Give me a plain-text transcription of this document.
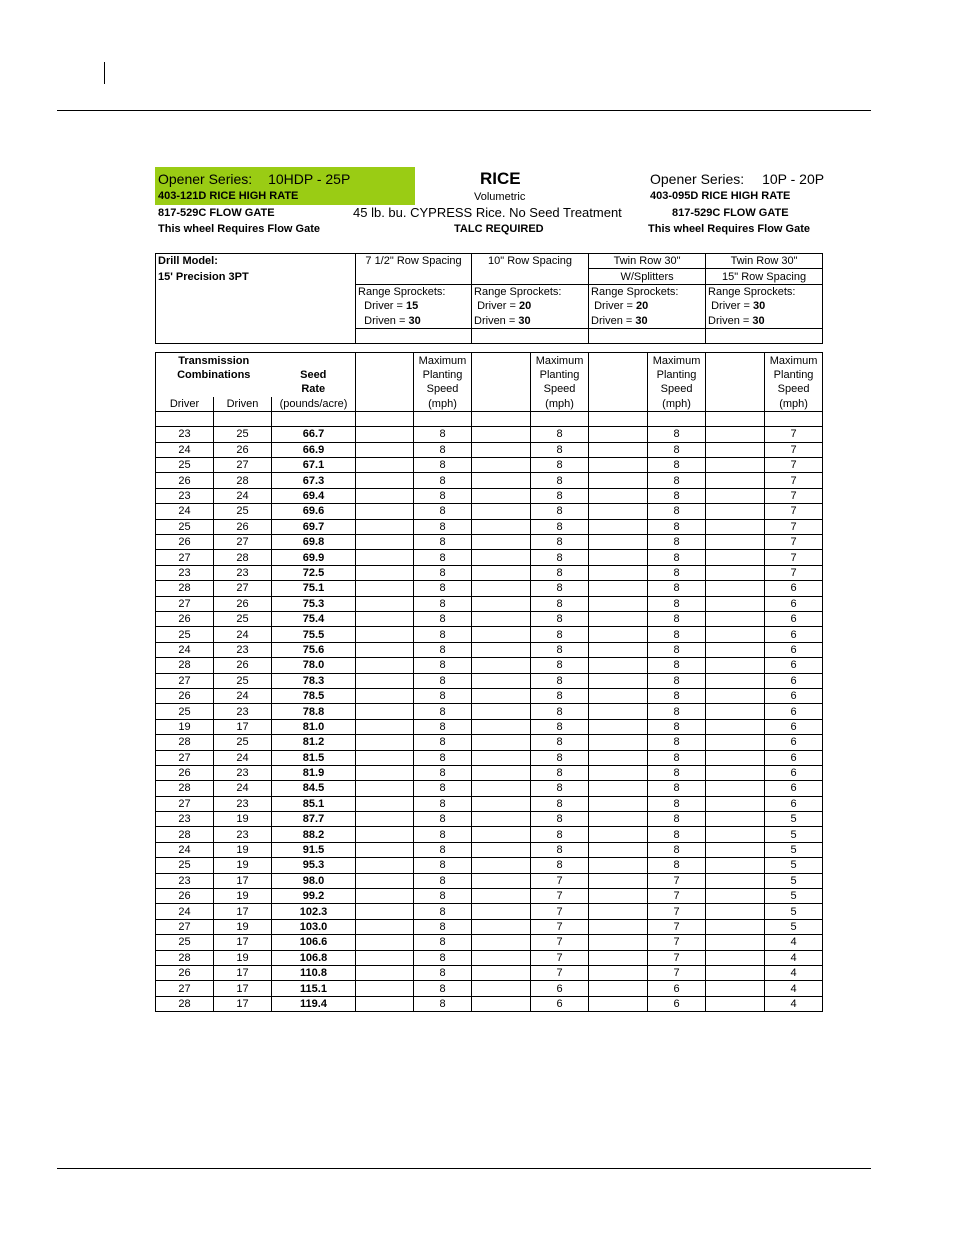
Opener Series: 10HDP - 25P
403-121D RICE HIGH RATE
817-529C FLOW GATE
This wheel Requires Flow Gate
RICE
Volumetric
45 lb. bu. CYPRESS Rice. No Seed Treatment
TALC REQUIRED
Opener Series: 10P - 20P
403-095D RICE HIGH RATE
817-529C FLOW GATE
This wheel Requires Flow Gate
Drill Model:			7 1/2" Row Spacing		10" Row Spacing		Twin Row 30"		Twin Row 30"	
15' Precision 3PT							W/Splitters		15" Row Spacing	
			Range Sprockets:		Range Sprockets:		Range Sprockets:		Range Sprockets:	
			Driver = 15		Driver = 20		Driver = 20		Driver = 30	
			Driven = 30		Driven = 30		Driven = 30		Driven = 30	

Transmission				Maximum		Maximum		Maximum		Maximum
Combinations		Seed		Planting		Planting		Planting		Planting
		Rate		Speed		Speed		Speed		Speed
Driver	Driven	(pounds/acre)		(mph)		(mph)		(mph)		(mph)

23	25	66.7		8		8		8		7
24	26	66.9		8		8		8		7
25	27	67.1		8		8		8		7
26	28	67.3		8		8		8		7
23	24	69.4		8		8		8		7
24	25	69.6		8		8		8		7
25	26	69.7		8		8		8		7
26	27	69.8		8		8		8		7
27	28	69.9		8		8		8		7
23	23	72.5		8		8		8		7
28	27	75.1		8		8		8		6
27	26	75.3		8		8		8		6
26	25	75.4		8		8		8		6
25	24	75.5		8		8		8		6
24	23	75.6		8		8		8		6
28	26	78.0		8		8		8		6
27	25	78.3		8		8		8		6
26	24	78.5		8		8		8		6
25	23	78.8		8		8		8		6
19	17	81.0		8		8		8		6
28	25	81.2		8		8		8		6
27	24	81.5		8		8		8		6
26	23	81.9		8		8		8		6
28	24	84.5		8		8		8		6
27	23	85.1		8		8		8		6
23	19	87.7		8		8		8		5
28	23	88.2		8		8		8		5
24	19	91.5		8		8		8		5
25	19	95.3		8		8		8		5
23	17	98.0		8		7		7		5
26	19	99.2		8		7		7		5
24	17	102.3		8		7		7		5
27	19	103.0		8		7		7		5
25	17	106.6		8		7		7		4
28	19	106.8		8		7		7		4
26	17	110.8		8		7		7		4
27	17	115.1		8		6		6		4
28	17	119.4		8		6		6		4
